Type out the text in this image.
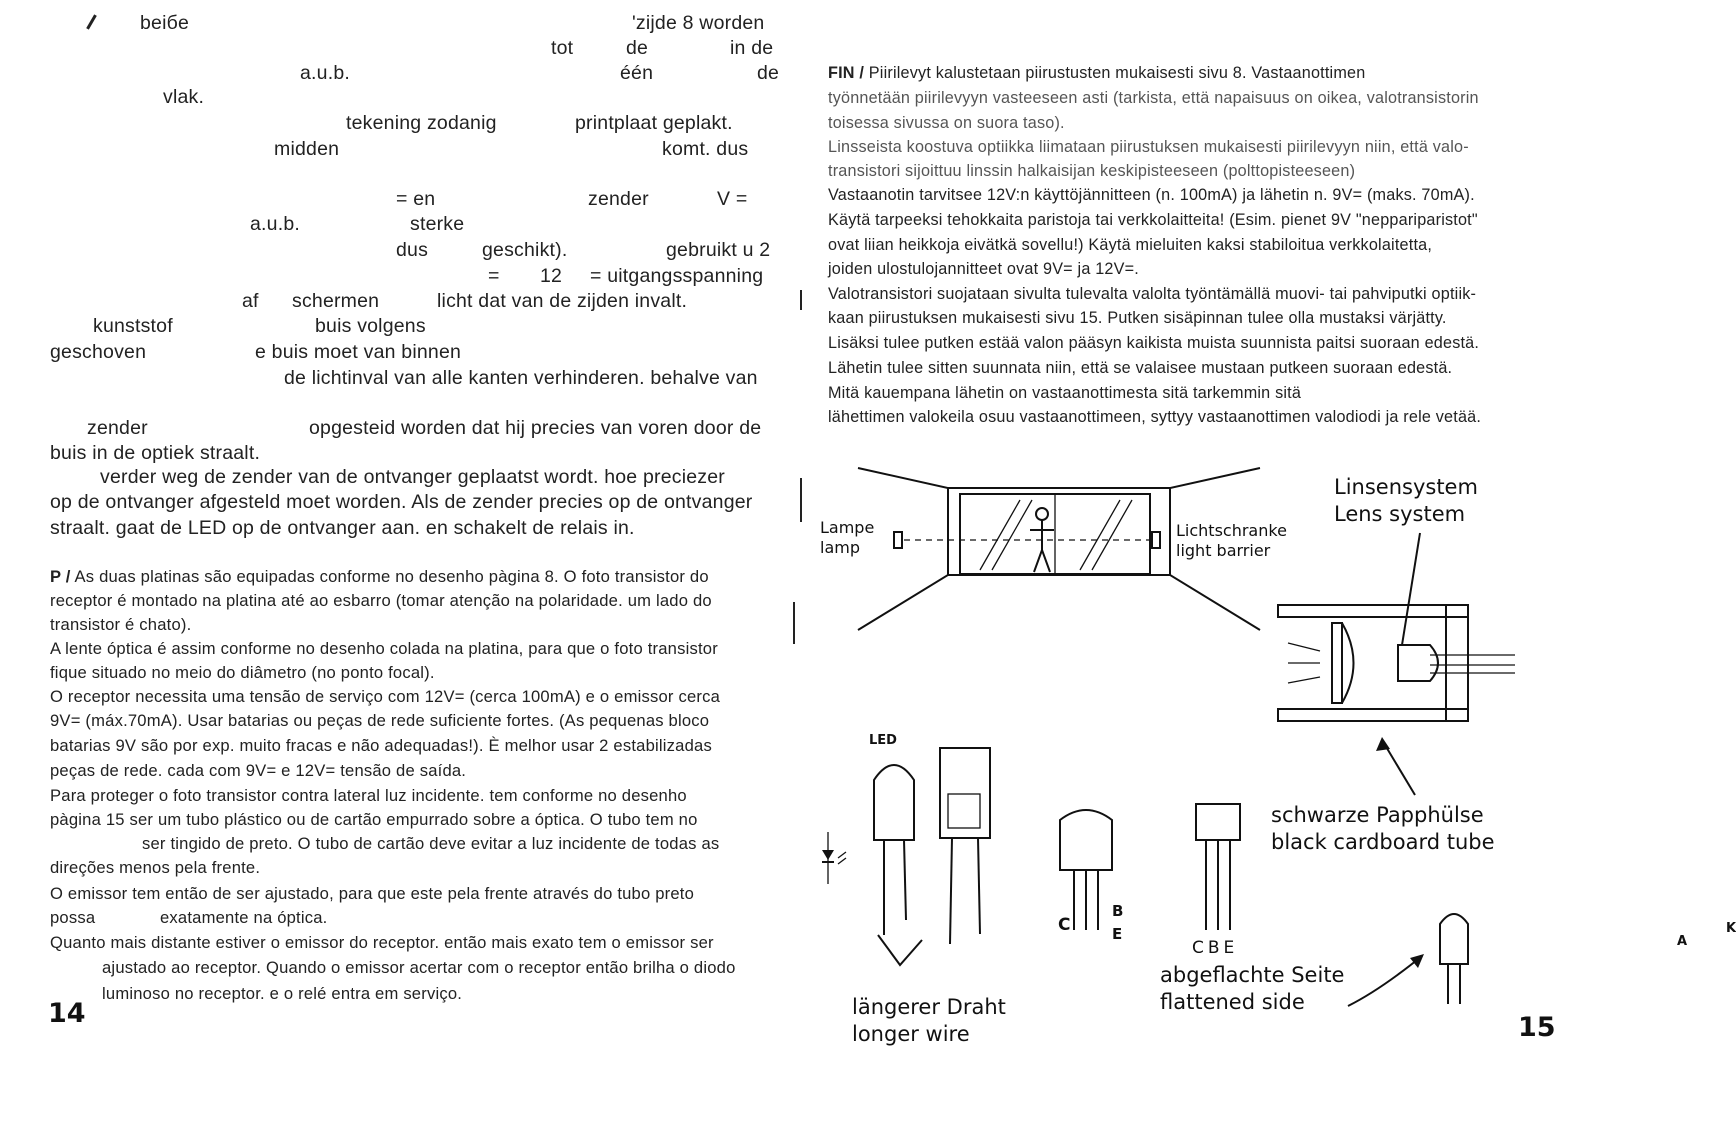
beiбe	'zijde 8 worden
tot	de	in de
a.u.b.	één	de
vlak.
tekening zodanig	printplaat geplakt.
midden	komt. dus
= en	zender	V =
a.u.b.	sterke
dus	geschikt).	gebruikt u 2
= 12 = uitgangsspanning
af schermen	licht dat van de zijden invalt.
kunststof	buis volgens
geschoven	e buis moet van binnen
de lichtinval van alle kanten verhinderen. behalve van
zender	opgesteid worden dat hij precies van voren door de
buis in de optiek straalt.
verder weg de zender van de ontvanger geplaatst wordt. hoe preciezer
op de ontvanger afgesteld moet worden. Als de zender precies op de ontvanger
straalt. gaat de LED op de ontvanger aan. en schakelt de relais in.
P / As duas platinas são equipadas conforme no desenho pàgina 8. O foto transistor do
receptor é montado na platina até ao esbarro (tomar atenção na polaridade. um lado do
transistor é chato).
A lente óptica é assim conforme no desenho colada na platina, para que o foto transistor
fique situado no meio do diâmetro (no ponto focal).
O receptor necessita uma tensão de serviço com 12V= (cerca 100mA) e o emissor cerca
9V= (máx.70mA). Usar batarias ou peças de rede suficiente fortes. (As pequenas bloco
batarias 9V são por exp. muito fracas e não adequadas!). È melhor usar 2 estabilizadas
peças de rede. cada com 9V= e 12V= tensão de saída.
Para proteger o foto transistor contra lateral luz incidente. tem conforme no desenho
pàgina 15 ser um tubo plástico ou de cartão empurrado sobre a óptica. O tubo tem no
ser tingido de preto. O tubo de cartão deve evitar a luz incidente de todas as
direções menos pela frente.
O emissor tem então de ser ajustado, para que este pela frente através do tubo preto
possa	exatamente na óptica.
Quanto mais distante estiver o emissor do receptor. então mais exato tem o emissor ser
ajustado ao receptor. Quando o emissor acertar com o receptor então brilha o diodo
luminoso no receptor. e o relé entra em serviço.
14
FIN / Piirilevyt kalustetaan piirustusten mukaisesti sivu 8. Vastaanottimen
työnnetään piirilevyyn vasteeseen asti (tarkista, että napaisuus on oikea, valotransistorin
toisessa sivussa on suora taso).
Linsseista koostuva optiikka liimataan piirustuksen mukaisesti piirilevyyn niin, että valo-
transistori sijoittuu linssin halkaisijan keskipisteeseen (polttopisteeseen)
Vastaanotin tarvitsee 12V:n käyttöjännitteen (n. 100mA) ja lähetin n. 9V= (maks. 70mA).
Käytä tarpeeksi tehokkaita paristoja tai verkkolaitteita! (Esim. pienet 9V "neppariparistot"
ovat liian heikkoja eivätkä sovellu!) Käytä mieluiten kaksi stabiloitua verkkolaitetta,
joiden ulostulojannitteet ovat 9V= ja 12V=.
Valotransistori suojataan sivulta tulevalta valolta työntämällä muovi- tai pahviputki optiik-
kaan piirustuksen mukaisesti sivu 15. Putken sisäpinnan tulee olla mustaksi värjätty.
Lisäksi tulee putken estää valon pääsyn kaikista muista suunnista paitsi suoraan edestä.
Lähetin tulee sitten suunnata niin, että se valaisee mustaan putkeen suoraan edestä.
Mitä kauempana lähetin on vastaanottimesta sitä tarkemmin sitä
lähettimen valokeila osuu vastaanottimeen, syttyy vastaanottimen valodiodi ja rele vetää.
Lampe
lamp
Lichtschranke
light barrier
Linsensystem
Lens system
schwarze Papphülse
black cardboard tube
LED
A
K
C
B
E
CBE
längerer Draht
longer wire
abgeflachte Seite
flattened side
15
